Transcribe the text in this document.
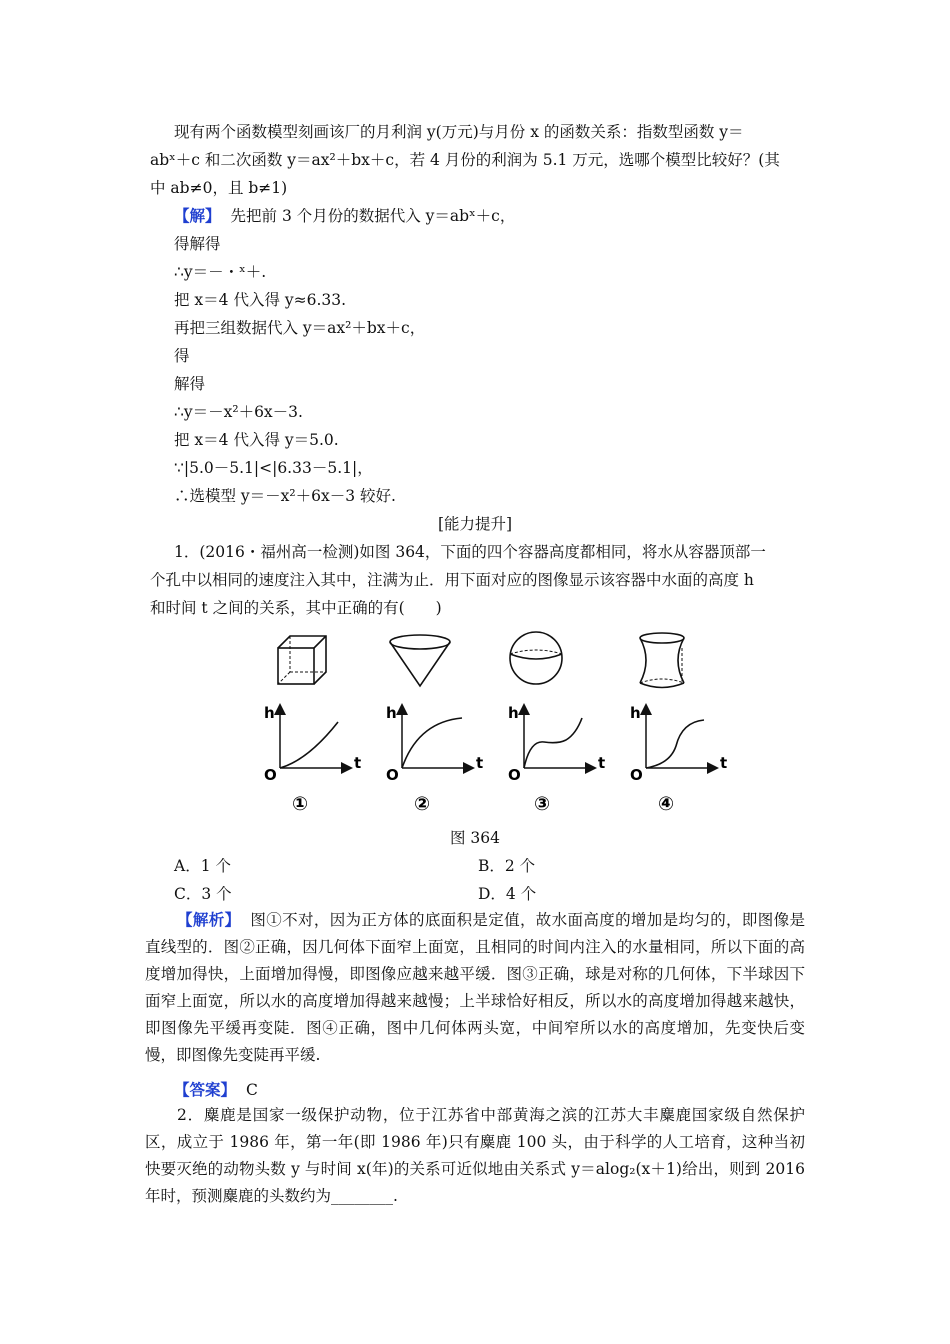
现有两个函数模型刻画该厂的月利润 y(万元)与月份 x 的函数关系：指数型函数 y＝
abˣ＋c 和二次函数 y＝ax²＋bx＋c，若 4 月份的利润为 5.1 万元，选哪个模型比较好？(其
中 ab≠0，且 b≠1)
【解】 先把前 3 个月份的数据代入 y＝abˣ＋c，
得解得
∴y＝－・ˣ＋.
把 x＝4 代入得 y≈6.33.
再把三组数据代入 y＝ax²＋bx＋c，
得
解得
∴y＝－x²＋6x－3.
把 x＝4 代入得 y＝5.0.
∵|5.0－5.1|<|6.33－5.1|，
∴选模型 y＝－x²＋6x－3 较好.
[能力提升]
1．(2016・福州高一检测)如图 364，下面的四个容器高度都相同，将水从容器顶部一
个孔中以相同的速度注入其中，注满为止．用下面对应的图像显示该容器中水面的高度 h
和时间 t 之间的关系，其中正确的有(　　)
h
t
O
①
h
t
O
②
h
t
O
③
h
t
O
④
图 364
A．1 个	B．2 个
C．3 个	D．4 个

【解析】 图①不对，因为正方体的底面积是定值，故水面高度的增加是均匀的，即图像是直线型的．图②正确，因几何体下面窄上面宽，且相同的时间内注入的水量相同，所以下面的高度增加得快，上面增加得慢，即图像应越来越平缓．图③正确，球是对称的几何体，下半球因下面窄上面宽，所以水的高度增加得越来越慢；上半球恰好相反，所以水的高度增加得越来越快，即图像先平缓再变陡．图④正确，图中几何体两头宽，中间窄所以水的高度增加，先变快后变慢，即图像先变陡再平缓.

【答案】 C

2．麋鹿是国家一级保护动物，位于江苏省中部黄海之滨的江苏大丰麋鹿国家级自然保护区，成立于 1986 年，第一年(即 1986 年)只有麋鹿 100 头，由于科学的人工培育，这种当初快要灭绝的动物头数 y 与时间 x(年)的关系可近似地由关系式 y＝alog₂(x＋1)给出，则到 2016 年时，预测麋鹿的头数约为________.
